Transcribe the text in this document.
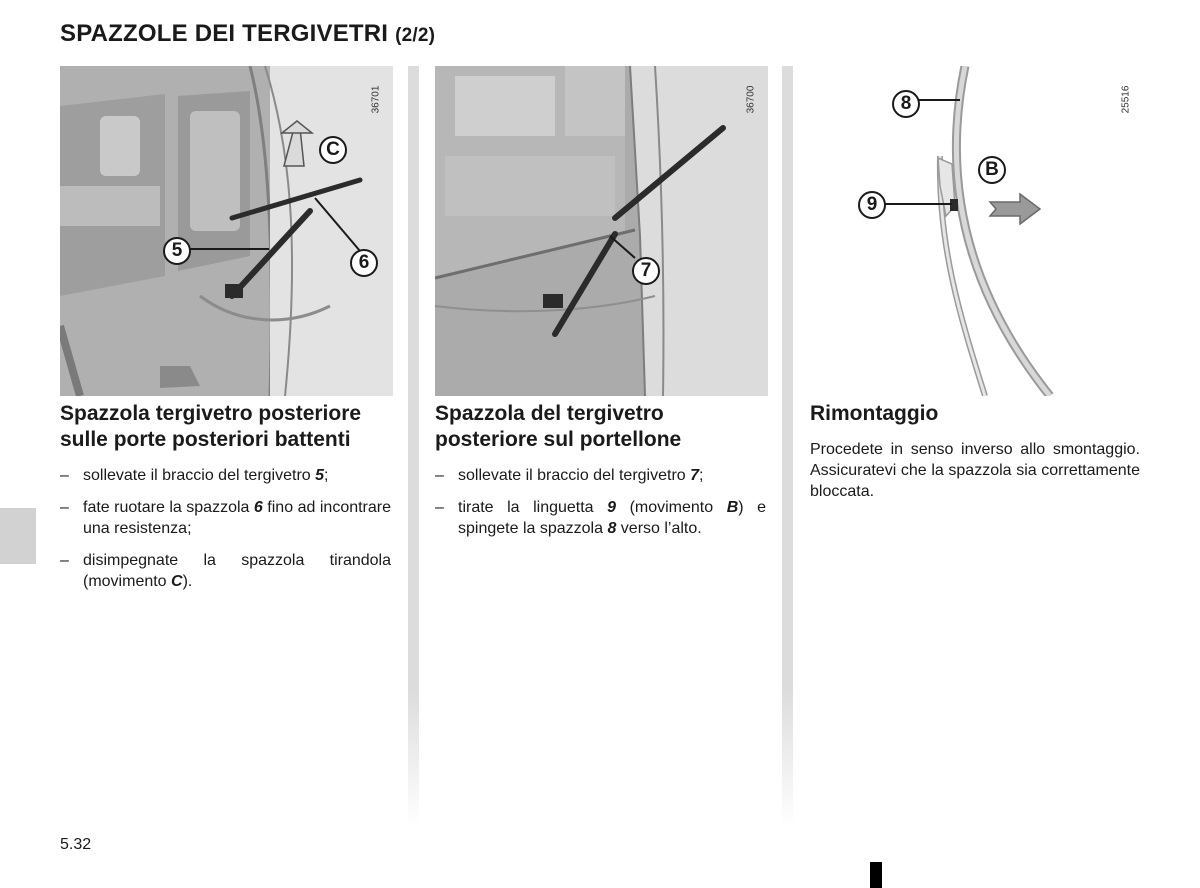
SPAZZOLE DEI TERGIVETRI (2/2)
36701
C
5
6
36700
7
25516
8
B
9
Spazzola tergivetro posteriore sulle porte posteriori battenti
– sollevate il braccio del tergivetro 5;
– fate ruotare la spazzola 6 fino ad incontrare una resistenza;
– disimpegnate la spazzola tirandola (movimento C).
Spazzola del tergivetro posteriore sul portellone
– sollevate il braccio del tergivetro 7;
– tirate la linguetta 9 (movimento B) e spingete la spazzola 8 verso l’alto.
Rimontaggio

Procedete in senso inverso allo smontaggio. Assicuratevi che la spazzola sia correttamente bloccata.

5.32
